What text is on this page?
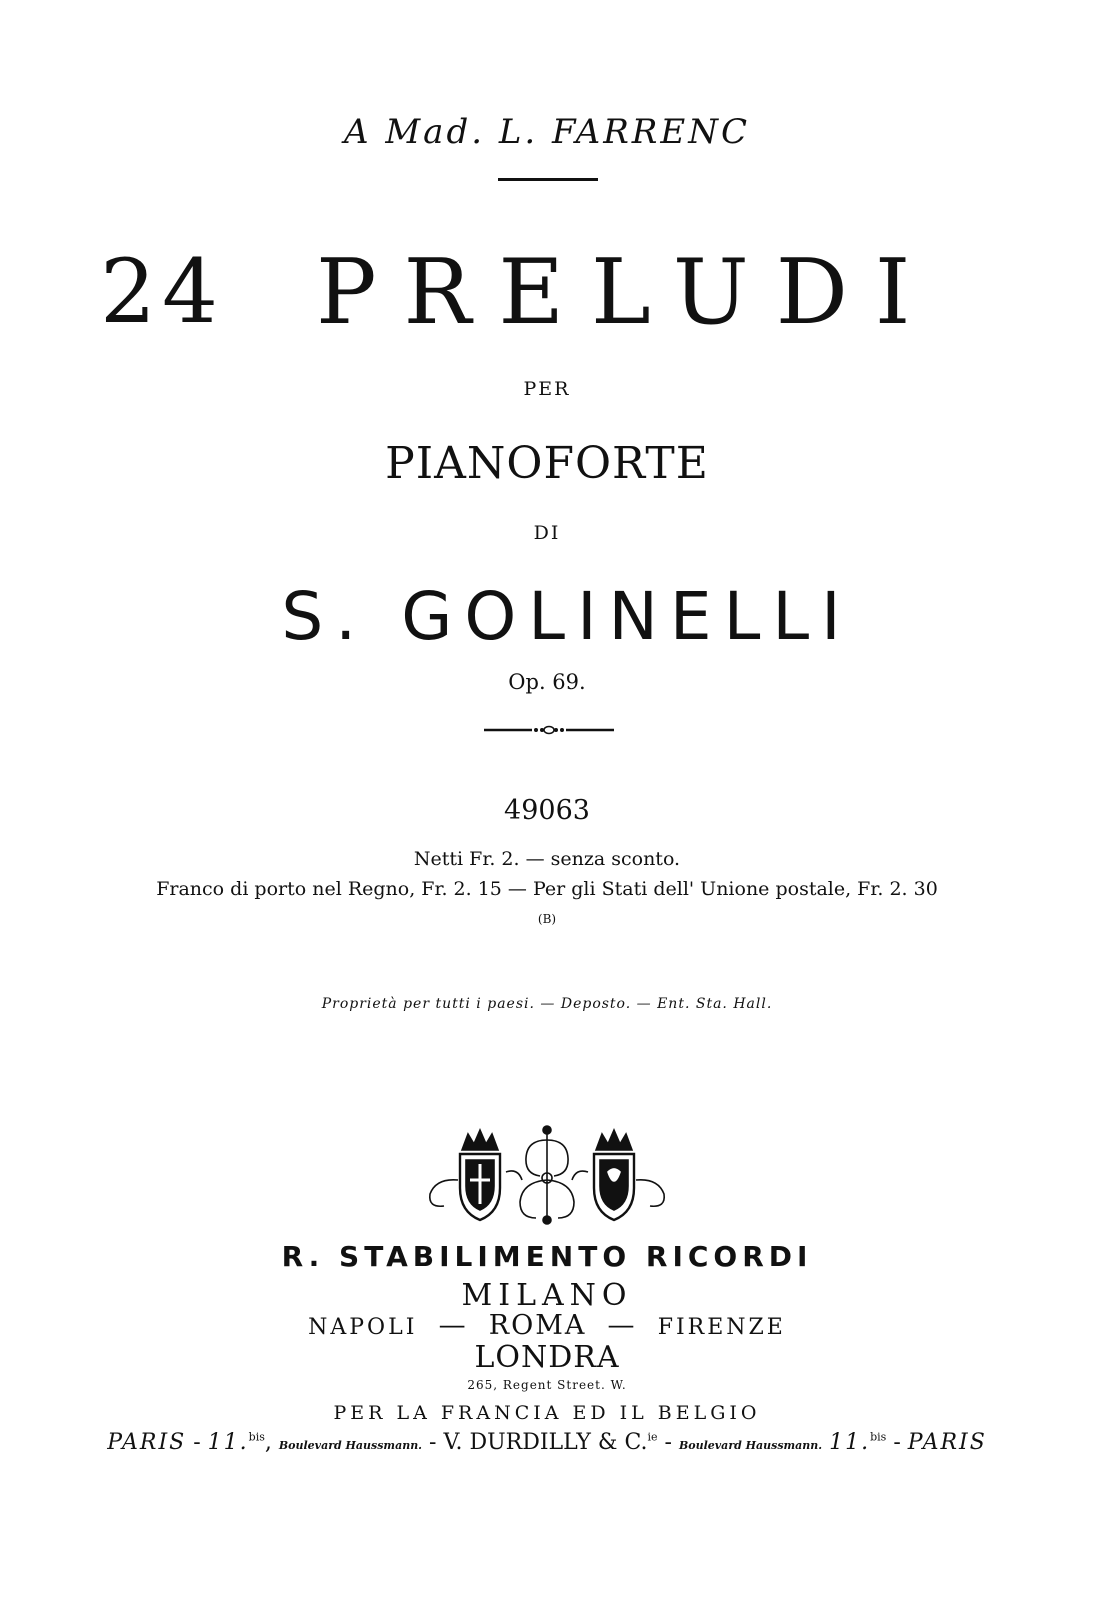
A Mad. L. FARRENC
24 PRELUDI
PER
PIANOFORTE
DI
S. GOLINELLI
Op. 69.
49063
Netti Fr. 2. — senza sconto.
Franco di porto nel Regno, Fr. 2. 15 — Per gli Stati dell' Unione postale, Fr. 2. 30
(B)
Proprietà per tutti i paesi. — Deposto. — Ent. Sta. Hall.
R. STABILIMENTO RICORDI
MILANO
NAPOLI — ROMA — FIRENZE
LONDRA
265, Regent Street. W.
PER LA FRANCIA ED IL BELGIO
PARIS - 11.$^{bis}$, Boulevard Haussmann. - V. DURDILLY & C.$^{ie}$ - Boulevard Haussmann. 11.$^{bis}$ - PARIS
